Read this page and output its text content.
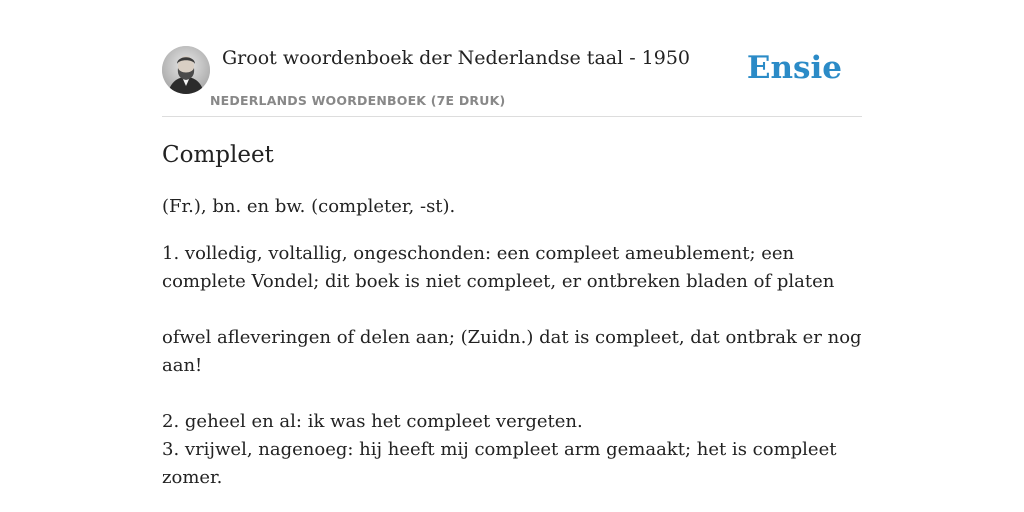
Groot woordenboek der Nederlandse taal - 1950
NEDERLANDS WOORDENBOEK (7E DRUK)
Ensie
Compleet

(Fr.), bn. en bw. (completer, -st).

1. volledig, voltallig, ongeschonden: een compleet ameublement; een complete Vondel; dit boek is niet compleet, er ontbreken bladen of platen
ofwel afleveringen of delen aan; (Zuidn.) dat is compleet, dat ontbrak er nog aan!
2. geheel en al: ik was het compleet vergeten.
3. vrijwel, nagenoeg: hij heeft mij compleet arm gemaakt; het is compleet zomer.
